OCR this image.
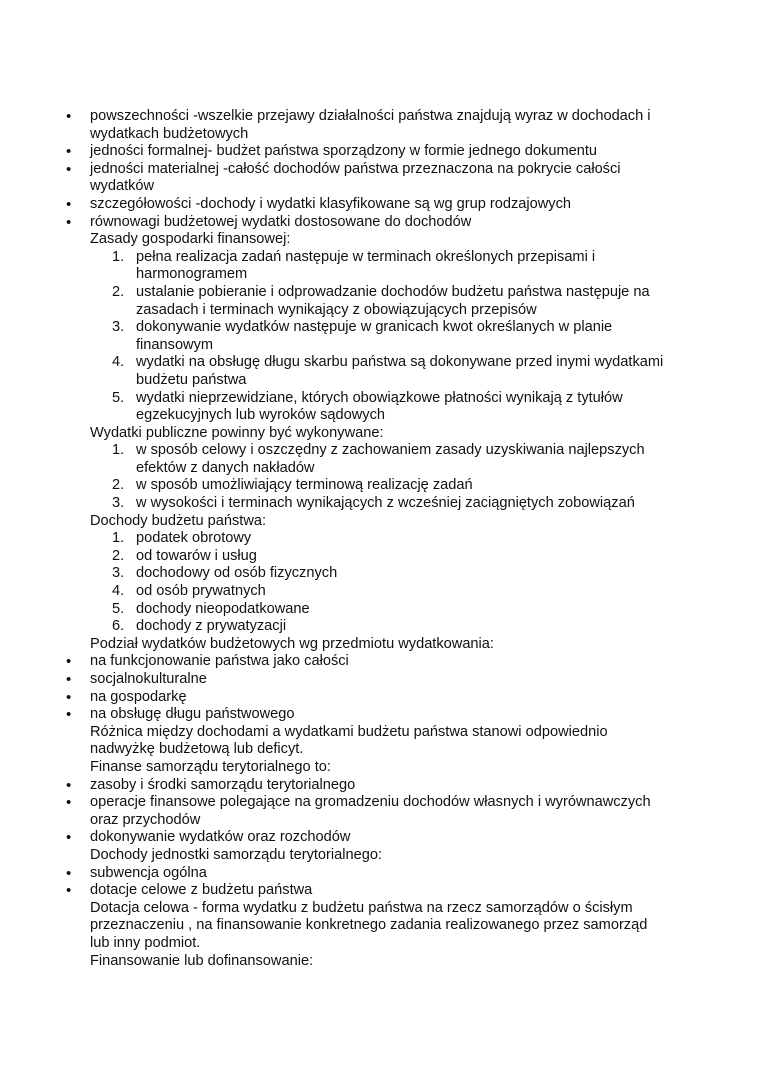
• powszechności -wszelkie przejawy działalności państwa znajdują wyraz w dochodach i wydatkach budżetowych
• jedności formalnej- budżet państwa sporządzony w formie jednego dokumentu
• jedności materialnej -całość dochodów państwa przeznaczona na pokrycie całości wydatków
• szczegółowości -dochody i wydatki klasyfikowane są wg grup rodzajowych
• równowagi budżetowej wydatki dostosowane do dochodów
Zasady gospodarki finansowej:
1. pełna realizacja zadań następuje w terminach określonych przepisami i harmonogramem
2. ustalanie pobieranie i odprowadzanie dochodów budżetu państwa następuje na zasadach i terminach wynikający z obowiązujących przepisów
3. dokonywanie wydatków następuje w granicach kwot określanych w planie finansowym
4. wydatki na obsługę długu skarbu państwa są dokonywane przed inymi wydatkami budżetu państwa
5. wydatki nieprzewidziane, których obowiązkowe płatności wynikają z tytułów egzekucyjnych lub wyroków sądowych
Wydatki publiczne powinny być wykonywane:
1. w sposób celowy i oszczędny z zachowaniem zasady uzyskiwania najlepszych efektów z danych nakładów
2. w sposób umożliwiający terminową realizację zadań
3. w wysokości i terminach wynikających z wcześniej zaciągniętych zobowiązań
Dochody budżetu państwa:
1. podatek obrotowy
2. od towarów i usług
3. dochodowy od osób fizycznych
4. od osób prywatnych
5. dochody nieopodatkowane
6. dochody z prywatyzacji
Podział wydatków budżetowych wg przedmiotu wydatkowania:
• na funkcjonowanie państwa jako całości
• socjalnokulturalne
• na gospodarkę
• na obsługę długu państwowego
Różnica między dochodami a wydatkami budżetu państwa stanowi odpowiednio nadwyżkę budżetową lub deficyt.
Finanse samorządu terytorialnego to:
• zasoby i środki samorządu terytorialnego
• operacje finansowe polegające na gromadzeniu dochodów własnych i wyrównawczych oraz przychodów
• dokonywanie wydatków oraz rozchodów
Dochody jednostki samorządu terytorialnego:
• subwencja ogólna
• dotacje celowe z budżetu państwa
Dotacja celowa - forma wydatku z budżetu państwa na rzecz samorządów o ścisłym przeznaczeniu , na finansowanie konkretnego zadania realizowanego przez samorząd lub inny podmiot.
Finansowanie lub dofinansowanie:
